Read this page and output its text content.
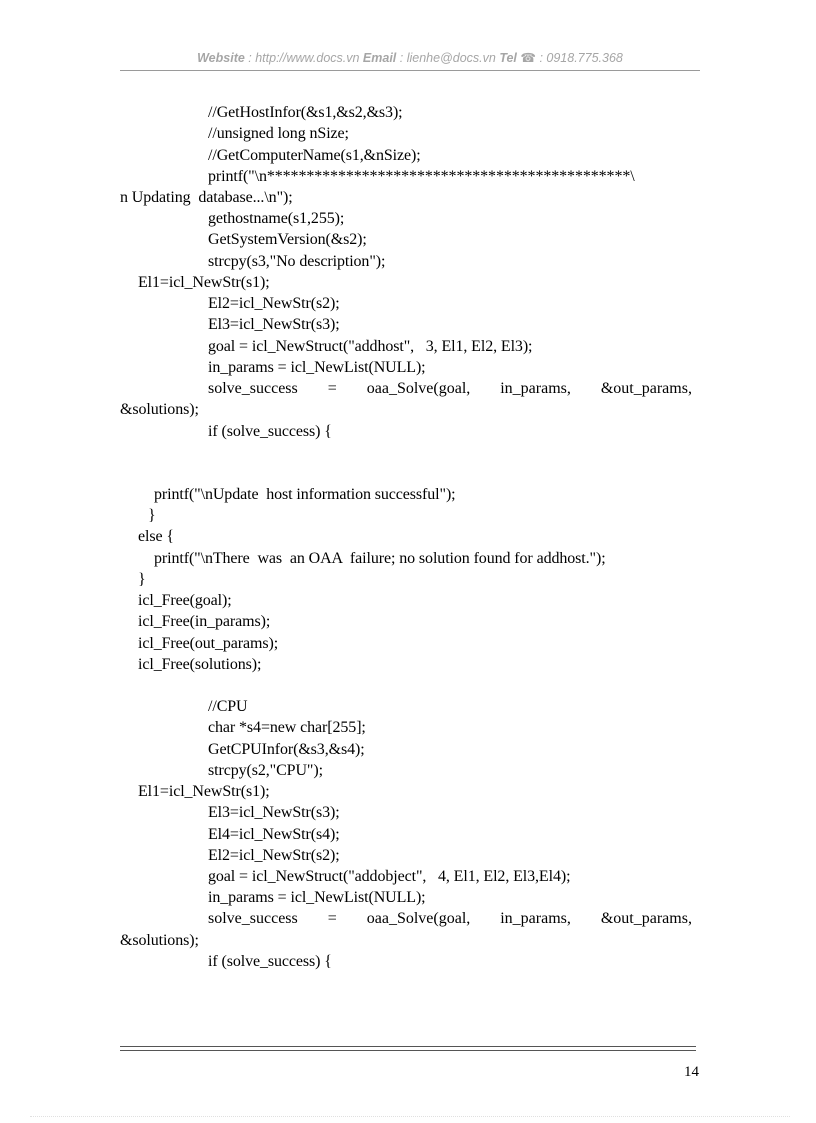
Website : http://www.docs.vn Email : lienhe@docs.vn Tel ☎ : 0918.775.368
//GetHostInfor(&s1,&s2,&s3);
//unsigned long nSize;
//GetComputerName(s1,&nSize);
printf("\n**********************************************\
n Updating  database...\n");
gethostname(s1,255);
GetSystemVersion(&s2);
strcpy(s3,"No description");
El1=icl_NewStr(s1);
El2=icl_NewStr(s2);
El3=icl_NewStr(s3);
goal = icl_NewStruct("addhost",   3, El1, El2, El3);
in_params = icl_NewList(NULL);
solve_success = oaa_Solve(goal, in_params, &out_params,
&solutions);
if (solve_success) {
printf("\nUpdate  host information successful");
}
else {
printf("\nThere  was  an OAA  failure; no solution found for addhost.");
}
icl_Free(goal);
icl_Free(in_params);
icl_Free(out_params);
icl_Free(solutions);
//CPU
char *s4=new char[255];
GetCPUInfor(&s3,&s4);
strcpy(s2,"CPU");
El1=icl_NewStr(s1);
El3=icl_NewStr(s3);
El4=icl_NewStr(s4);
El2=icl_NewStr(s2);
goal = icl_NewStruct("addobject",   4, El1, El2, El3,El4);
in_params = icl_NewList(NULL);
solve_success = oaa_Solve(goal, in_params, &out_params,
&solutions);
if (solve_success) {
14
